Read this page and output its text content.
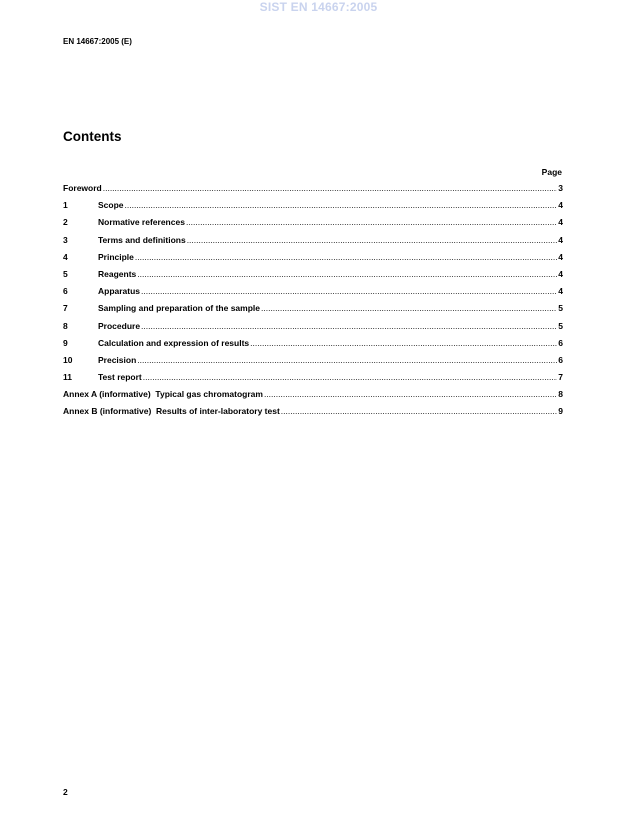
SIST EN 14667:2005
EN 14667:2005 (E)
Contents
Page
Foreword .....	3
1	Scope .....	4
2	Normative references .....	4
3	Terms and definitions .....	4
4	Principle .....	4
5	Reagents .....	4
6	Apparatus .....	4
7	Sampling and preparation of the sample .....	5
8	Procedure .....	5
9	Calculation and expression of results .....	6
10	Precision .....	6
11	Test report .....	7
Annex A (informative)  Typical gas chromatogram .....	8
Annex B (informative)  Results of inter-laboratory test .....	9
2
